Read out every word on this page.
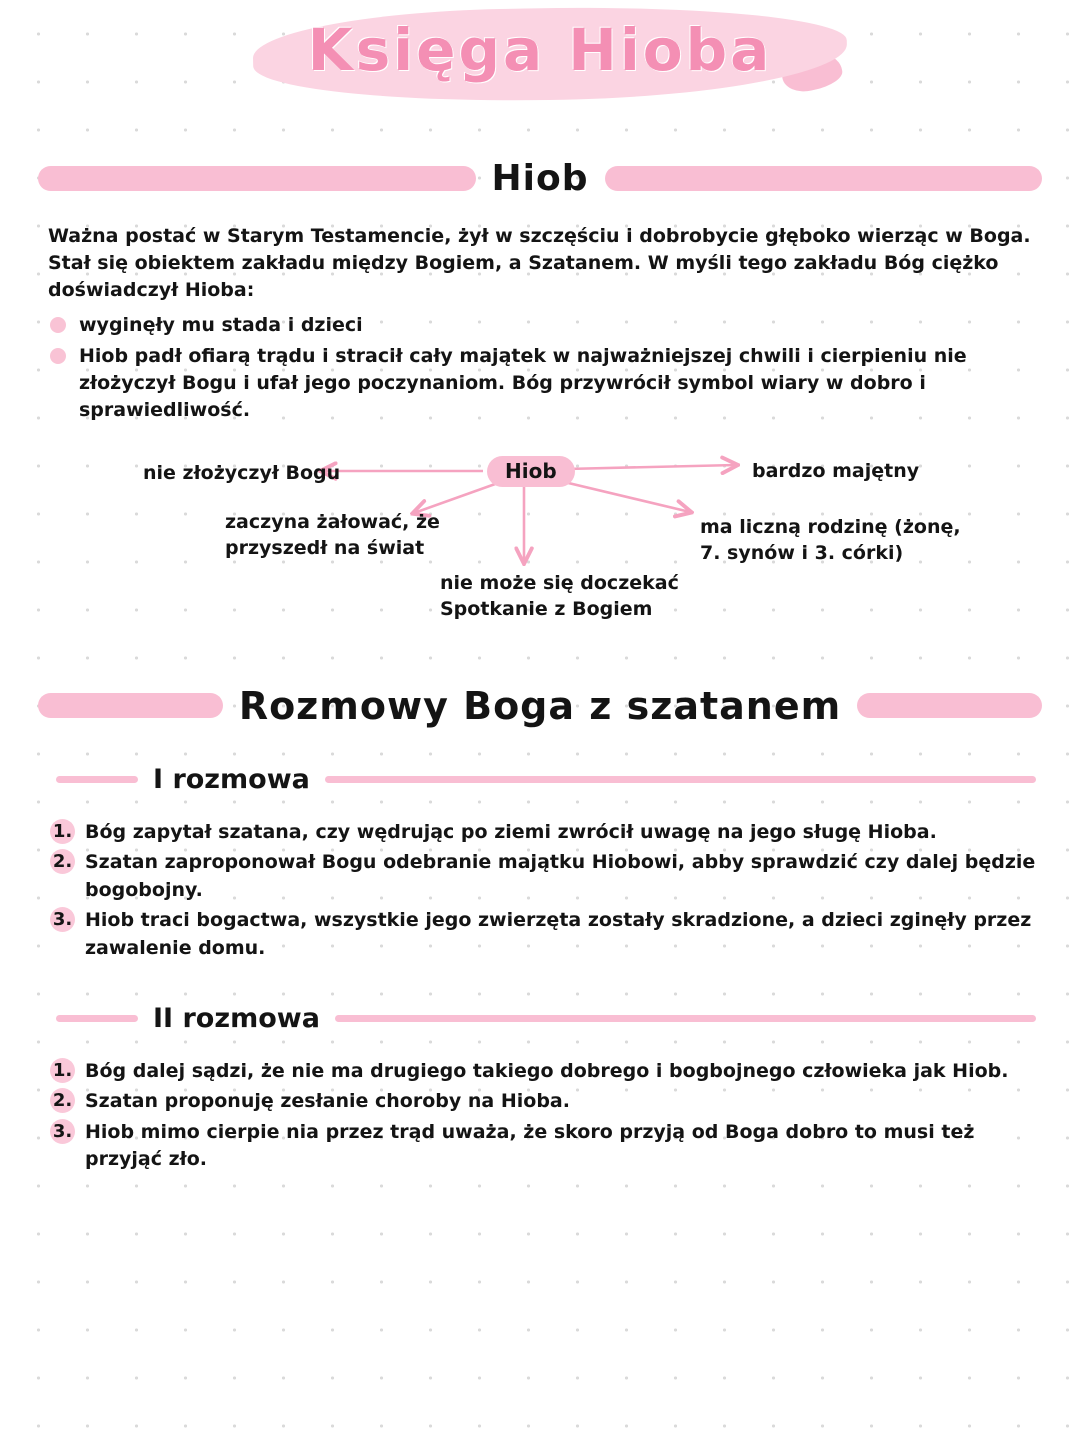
Księga Hioba
Hiob
Ważna postać w Starym Testamencie, żył w szczęściu i dobrobycie głęboko wierząc w Boga. Stał się obiektem zakładu między Bogiem, a Szatanem. W myśli tego zakładu Bóg ciężko doświadczył Hioba:
wyginęły mu stada i dzieci
Hiob padł ofiarą trądu i stracił cały majątek w najważniejszej chwili i cierpieniu nie złożyczył Bogu i ufał jego poczynaniom. Bóg przywrócił symbol wiary w dobro i sprawiedliwość.
Hiob
nie złożyczył Bogu	bardzo majętny
zaczyna żałować, że
przyszedł na świat
ma liczną rodzinę (żonę,
7. synów i 3. córki)
nie może się doczekać
Spotkanie z Bogiem
Rozmowy Boga z szatanem
I rozmowa
1. Bóg zapytał szatana, czy wędrując po ziemi zwrócił uwagę na jego sługę Hioba.
2. Szatan zaproponował Bogu odebranie majątku Hiobowi, abby sprawdzić czy dalej będzie bogobojny.
3. Hiob traci bogactwa, wszystkie jego zwierzęta zostały skradzione, a dzieci zginęły przez zawalenie domu.
II rozmowa
1. Bóg dalej sądzi, że nie ma drugiego takiego dobrego i bogbojnego człowieka jak Hiob.
2. Szatan proponuję zesłanie choroby na Hioba.
3. Hiob mimo cierpie nia przez trąd uważa, że skoro przyją od Boga dobro to musi też przyjąć zło.
